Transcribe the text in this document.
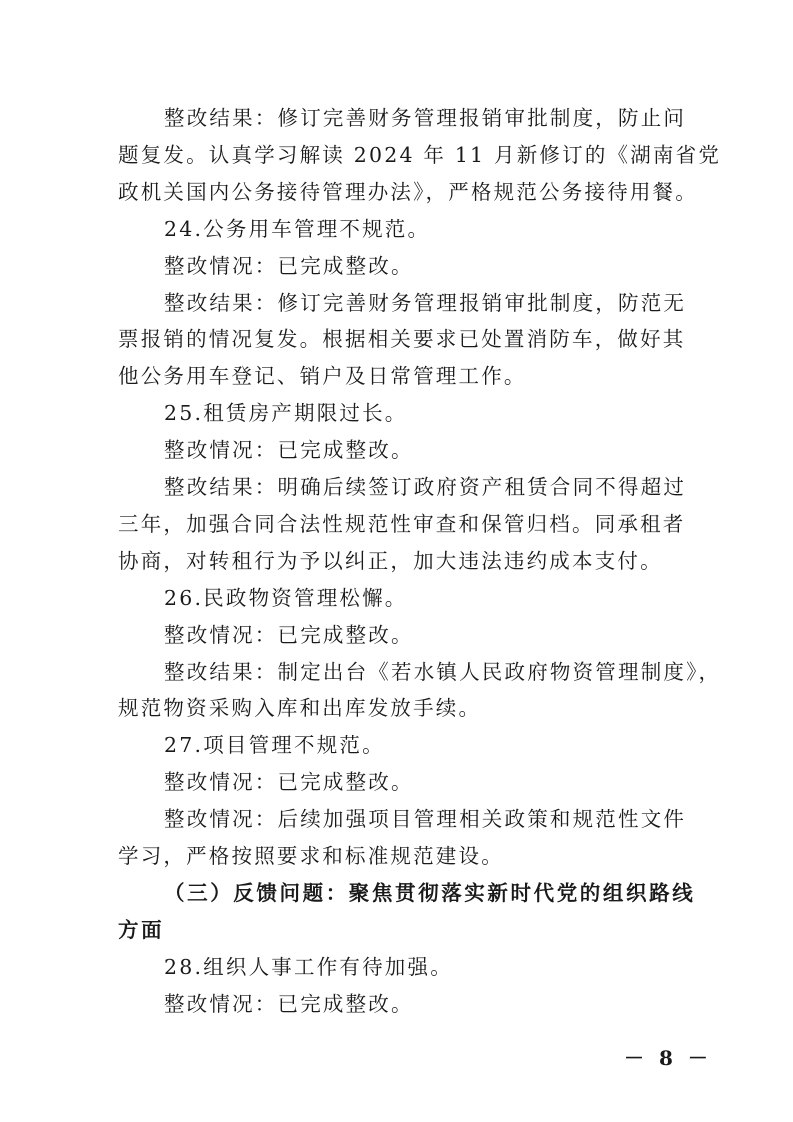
整改结果：修订完善财务管理报销审批制度，防止问
题复发。认真学习解读 2024 年 11 月新修订的《湖南省党
政机关国内公务接待管理办法》，严格规范公务接待用餐。
24.公务用车管理不规范。
整改情况：已完成整改。
整改结果：修订完善财务管理报销审批制度，防范无
票报销的情况复发。根据相关要求已处置消防车，做好其
他公务用车登记、销户及日常管理工作。
25.租赁房产期限过长。
整改情况：已完成整改。
整改结果：明确后续签订政府资产租赁合同不得超过
三年，加强合同合法性规范性审查和保管归档。同承租者
协商，对转租行为予以纠正，加大违法违约成本支付。
26.民政物资管理松懈。
整改情况：已完成整改。
整改结果：制定出台《若水镇人民政府物资管理制度》，
规范物资采购入库和出库发放手续。
27.项目管理不规范。
整改情况：已完成整改。
整改情况：后续加强项目管理相关政策和规范性文件
学习，严格按照要求和标准规范建设。
（三）反馈问题：聚焦贯彻落实新时代党的组织路线
方面
28.组织人事工作有待加强。
整改情况：已完成整改。
－ 8 －
